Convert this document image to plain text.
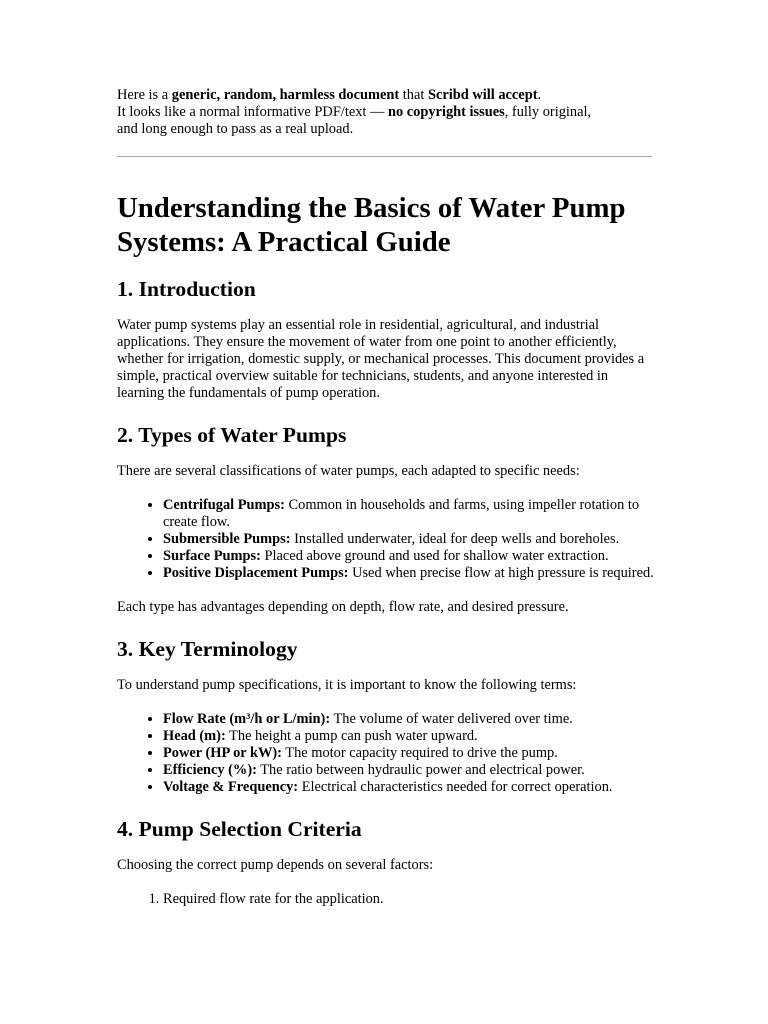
Here is a generic, random, harmless document that Scribd will accept.
It looks like a normal informative PDF/text — no copyright issues, fully original,
and long enough to pass as a real upload.

Understanding the Basics of Water Pump Systems: A Practical Guide
1. Introduction

Water pump systems play an essential role in residential, agricultural, and industrial applications. They ensure the movement of water from one point to another efficiently, whether for irrigation, domestic supply, or mechanical processes. This document provides a simple, practical overview suitable for technicians, students, and anyone interested in learning the fundamentals of pump operation.

2. Types of Water Pumps

There are several classifications of water pumps, each adapted to specific needs:

• Centrifugal Pumps: Common in households and farms, using impeller rotation to create flow.
• Submersible Pumps: Installed underwater, ideal for deep wells and boreholes.
• Surface Pumps: Placed above ground and used for shallow water extraction.
• Positive Displacement Pumps: Used when precise flow at high pressure is required.

Each type has advantages depending on depth, flow rate, and desired pressure.

3. Key Terminology

To understand pump specifications, it is important to know the following terms:

• Flow Rate (m³/h or L/min): The volume of water delivered over time.
• Head (m): The height a pump can push water upward.
• Power (HP or kW): The motor capacity required to drive the pump.
• Efficiency (%): The ratio between hydraulic power and electrical power.
• Voltage & Frequency: Electrical characteristics needed for correct operation.
4. Pump Selection Criteria

Choosing the correct pump depends on several factors:

1. Required flow rate for the application.
